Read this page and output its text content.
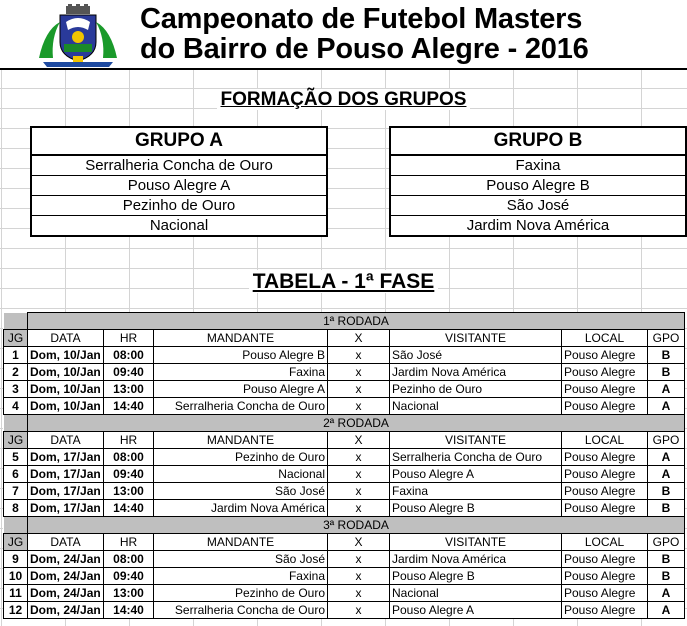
Campeonato de Futebol Masters
do Bairro de Pouso Alegre - 2016
FORMAÇÃO DOS GRUPOS
GRUPO A
Serralheria Concha de Ouro
Pouso Alegre A
Pezinho de Ouro
Nacional
GRUPO B
Faxina
Pouso Alegre B
São José
Jardim Nova América
TABELA - 1ª FASE
	1ª RODADA						
JG	DATA	HR	MANDANTE	X	VISITANTE	LOCAL	GPO
1	Dom, 10/Jan	08:00	Pouso Alegre B	x	São José	Pouso Alegre	B
2	Dom, 10/Jan	09:40	Faxina	x	Jardim Nova América	Pouso Alegre	B
3	Dom, 10/Jan	13:00	Pouso Alegre A	x	Pezinho de Ouro	Pouso Alegre	A
4	Dom, 10/Jan	14:40	Serralheria Concha de Ouro	x	Nacional	Pouso Alegre	A
	2ª RODADA						
JG	DATA	HR	MANDANTE	X	VISITANTE	LOCAL	GPO
5	Dom, 17/Jan	08:00	Pezinho de Ouro	x	Serralheria Concha de Ouro	Pouso Alegre	A
6	Dom, 17/Jan	09:40	Nacional	x	Pouso Alegre A	Pouso Alegre	A
7	Dom, 17/Jan	13:00	São José	x	Faxina	Pouso Alegre	B
8	Dom, 17/Jan	14:40	Jardim Nova América	x	Pouso Alegre B	Pouso Alegre	B
	3ª RODADA						
JG	DATA	HR	MANDANTE	X	VISITANTE	LOCAL	GPO
9	Dom, 24/Jan	08:00	São José	x	Jardim Nova América	Pouso Alegre	B
10	Dom, 24/Jan	09:40	Faxina	x	Pouso Alegre B	Pouso Alegre	B
11	Dom, 24/Jan	13:00	Pezinho de Ouro	x	Nacional	Pouso Alegre	A
12	Dom, 24/Jan	14:40	Serralheria Concha de Ouro	x	Pouso Alegre A	Pouso Alegre	A
